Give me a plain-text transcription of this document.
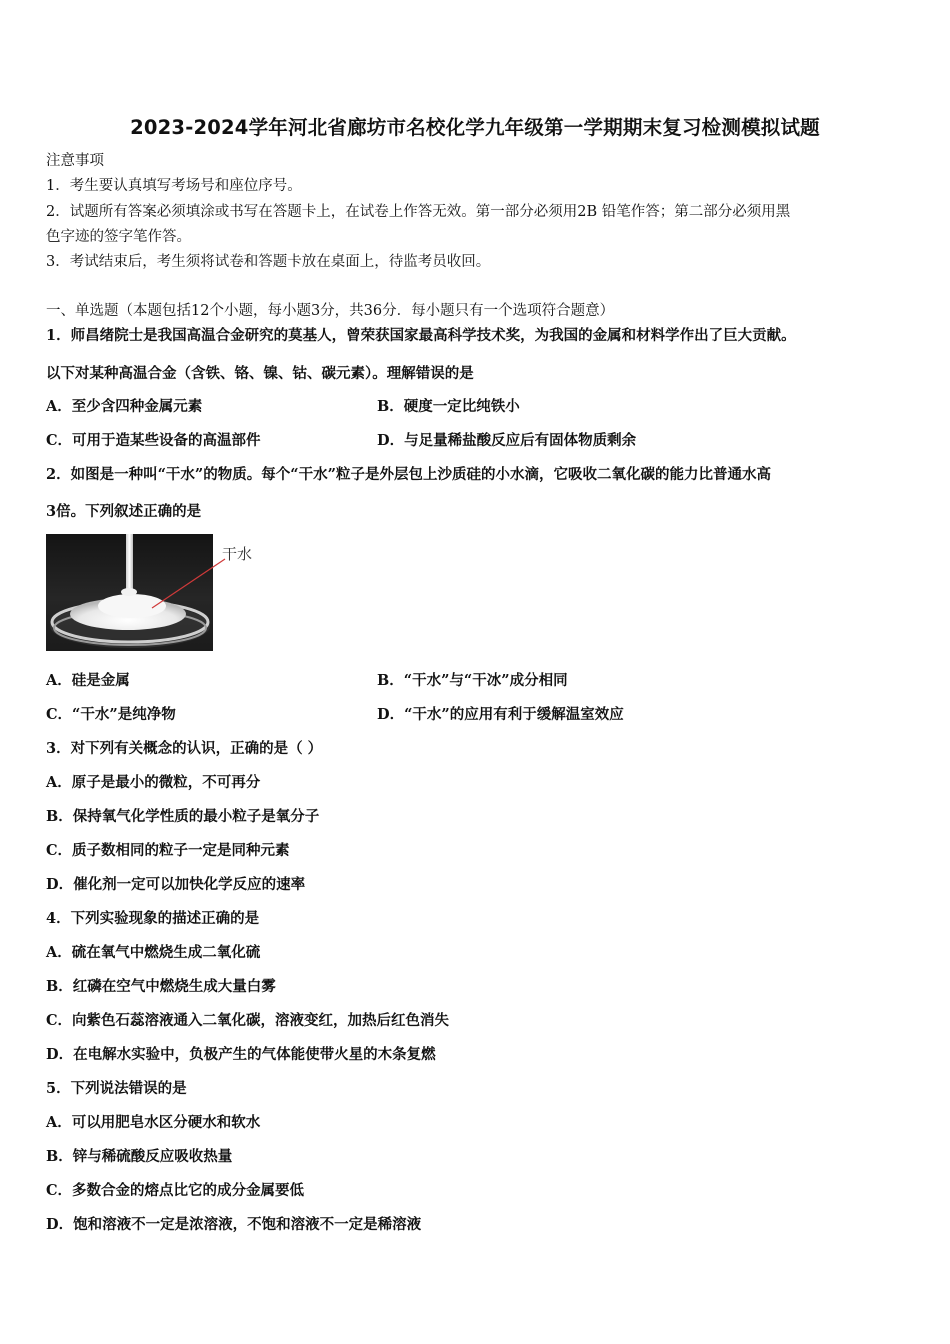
2023-2024学年河北省廊坊市名校化学九年级第一学期期末复习检测模拟试题
注意事项
1．考生要认真填写考场号和座位序号。
2．试题所有答案必须填涂或书写在答题卡上，在试卷上作答无效。第一部分必须用2B 铅笔作答；第二部分必须用黑
色字迹的签字笔作答。
3．考试结束后，考生须将试卷和答题卡放在桌面上，待监考员收回。
一、单选题（本题包括12个小题，每小题3分，共36分．每小题只有一个选项符合题意）
1．师昌绪院士是我国高温合金研究的莫基人，曾荣获国家最高科学技术奖，为我国的金属和材料学作出了巨大贡献。
以下对某种高温合金（含铁、铬、镍、钴、碳元素）。理解错误的是
A．至少含四种金属元素	B．硬度一定比纯铁小
C．可用于造某些设备的高温部件	D．与足量稀盐酸反应后有固体物质剩余
2．如图是一种叫“干水”的物质。每个“干水”粒子是外层包上沙质硅的小水滴，它吸收二氧化碳的能力比普通水高
3倍。下列叙述正确的是
干水
A．硅是金属	B．“干水”与“干冰”成分相同
C．“干水”是纯净物	D．“干水”的应用有利于缓解温室效应
3．对下列有关概念的认识，正确的是（ ）
A．原子是最小的微粒，不可再分
B．保持氧气化学性质的最小粒子是氧分子
C．质子数相同的粒子一定是同种元素
D．催化剂一定可以加快化学反应的速率
4．下列实验现象的描述正确的是
A．硫在氧气中燃烧生成二氧化硫
B．红磷在空气中燃烧生成大量白雾
C．向紫色石蕊溶液通入二氧化碳，溶液变红，加热后红色消失
D．在电解水实验中，负极产生的气体能使带火星的木条复燃
5．下列说法错误的是
A．可以用肥皂水区分硬水和软水
B．锌与稀硫酸反应吸收热量
C．多数合金的熔点比它的成分金属要低
D．饱和溶液不一定是浓溶液，不饱和溶液不一定是稀溶液
